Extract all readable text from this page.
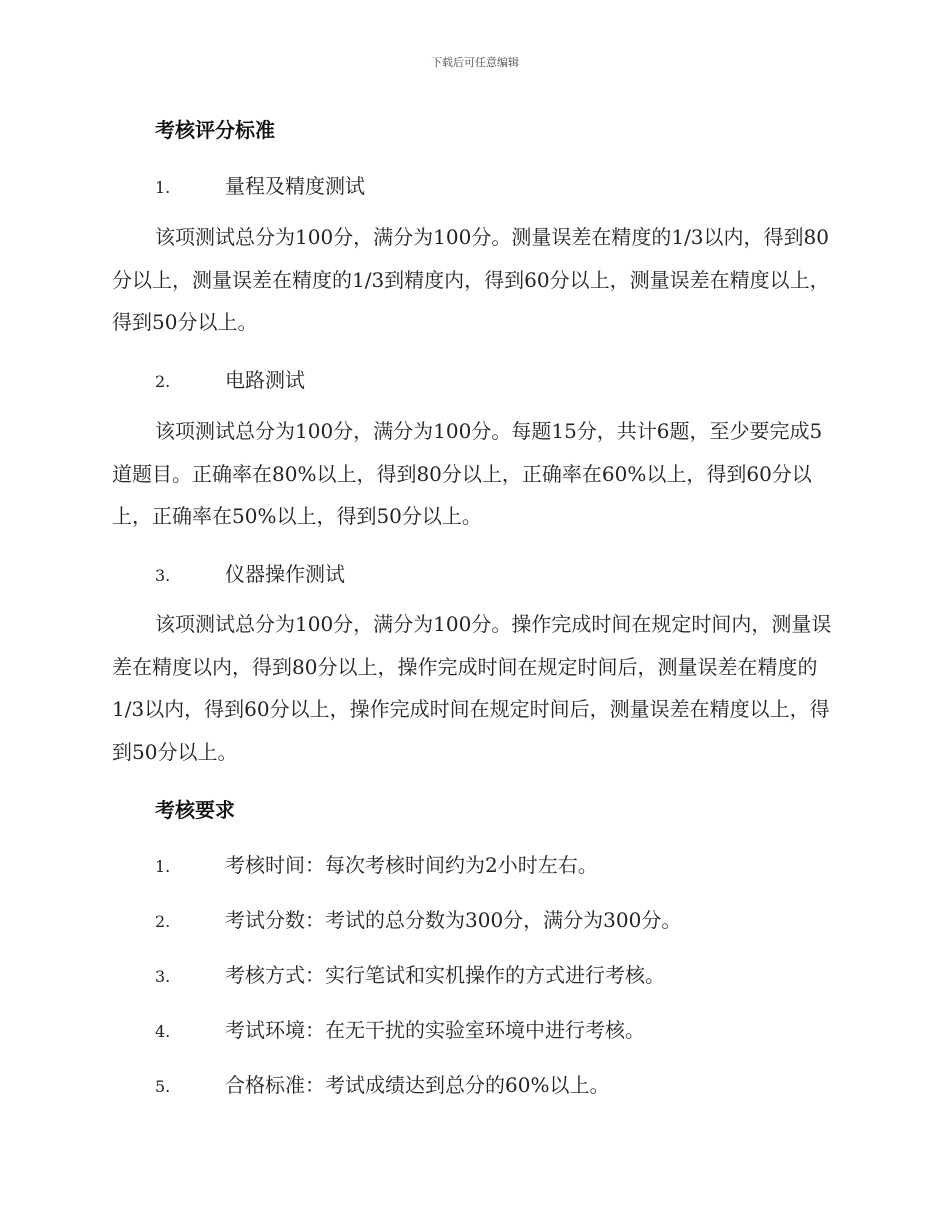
下载后可任意编辑
考核评分标准
1.	量程及精度测试
该项测试总分为100分，满分为100分。测量误差在精度的1/3以内，得到80分以上，测量误差在精度的1/3到精度内，得到60分以上，测量误差在精度以上，得到50分以上。
2.	电路测试
该项测试总分为100分，满分为100分。每题15分，共计6题，至少要完成5道题目。正确率在80%以上，得到80分以上，正确率在60%以上，得到60分以上，正确率在50%以上，得到50分以上。
3.	仪器操作测试
该项测试总分为100分，满分为100分。操作完成时间在规定时间内，测量误差在精度以内，得到80分以上，操作完成时间在规定时间后，测量误差在精度的1/3以内，得到60分以上，操作完成时间在规定时间后，测量误差在精度以上，得到50分以上。
考核要求
1.	考核时间：每次考核时间约为2小时左右。
2.	考试分数：考试的总分数为300分，满分为300分。
3.	考核方式：实行笔试和实机操作的方式进行考核。
4.	考试环境：在无干扰的实验室环境中进行考核。
5.	合格标准：考试成绩达到总分的60%以上。
